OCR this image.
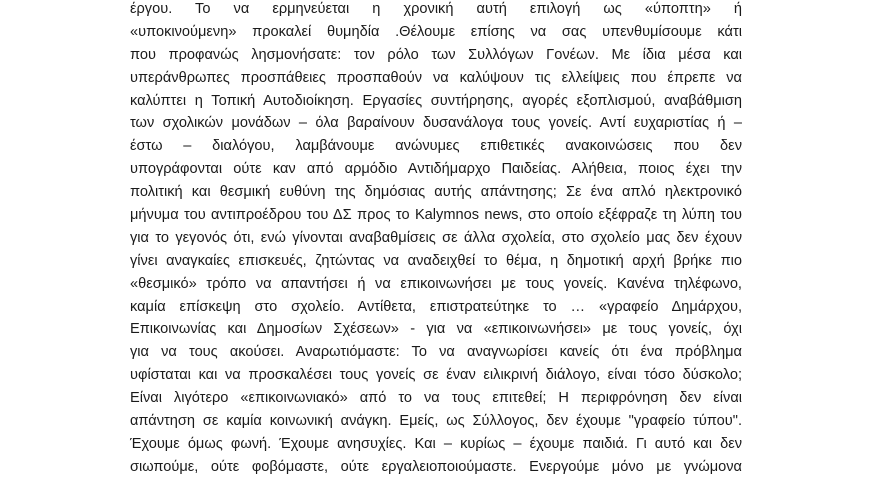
έργου. Το να ερμηνεύεται η χρονική αυτή επιλογή ως «ύποπτη» ή
«υποκινούμενη» προκαλεί θυμηδία .Θέλουμε επίσης να σας υπενθυμίσουμε κάτι
που προφανώς λησμονήσατε: τον ρόλο των Συλλόγων Γονέων. Με ίδια μέσα και
υπεράνθρωπες προσπάθειες προσπαθούν να καλύψουν τις ελλείψεις που έπρεπε να
καλύπτει η Τοπική Αυτοδιοίκηση. Εργασίες συντήρησης, αγορές εξοπλισμού, αναβάθμιση
των σχολικών μονάδων – όλα βαραίνουν δυσανάλογα τους γονείς. Αντί ευχαριστίας ή –
έστω – διαλόγου, λαμβάνουμε ανώνυμες επιθετικές ανακοινώσεις που δεν
υπογράφονται ούτε καν από αρμόδιο Αντιδήμαρχο Παιδείας. Αλήθεια, ποιος έχει την
πολιτική και θεσμική ευθύνη της δημόσιας αυτής απάντησης; Σε ένα απλό ηλεκτρονικό
μήνυμα του αντιπροέδρου του ΔΣ προς το Kalymnos news, στο οποίο εξέφραζε τη λύπη του
για το γεγονός ότι, ενώ γίνονται αναβαθμίσεις σε άλλα σχολεία, στο σχολείο μας δεν έχουν
γίνει αναγκαίες επισκευές, ζητώντας να αναδειχθεί το θέμα, η δημοτική αρχή βρήκε πιο
«θεσμικό» τρόπο να απαντήσει ή να επικοινωνήσει με τους γονείς. Κανένα τηλέφωνο,
καμία επίσκεψη στο σχολείο. Αντίθετα, επιστρατεύτηκε το … «γραφείο Δημάρχου,
Επικοινωνίας και Δημοσίων Σχέσεων» - για να «επικοινωνήσει» με τους γονείς, όχι
για να τους ακούσει. Αναρωτιόμαστε: Το να αναγνωρίσει κανείς ότι ένα πρόβλημα
υφίσταται και να προσκαλέσει τους γονείς σε έναν ειλικρινή διάλογο, είναι τόσο δύσκολο;
Είναι λιγότερο «επικοινωνιακό» από το να τους επιτεθεί; Η περιφρόνηση δεν είναι
απάντηση σε καμία κοινωνική ανάγκη. Εμείς, ως Σύλλογος, δεν έχουμε "γραφείο τύπου".
Έχουμε όμως φωνή. Έχουμε ανησυχίες. Και – κυρίως – έχουμε παιδιά. Γι αυτό και δεν
σιωπούμε, ούτε φοβόμαστε, ούτε εργαλειοποιούμαστε. Ενεργούμε μόνο με γνώμονα
